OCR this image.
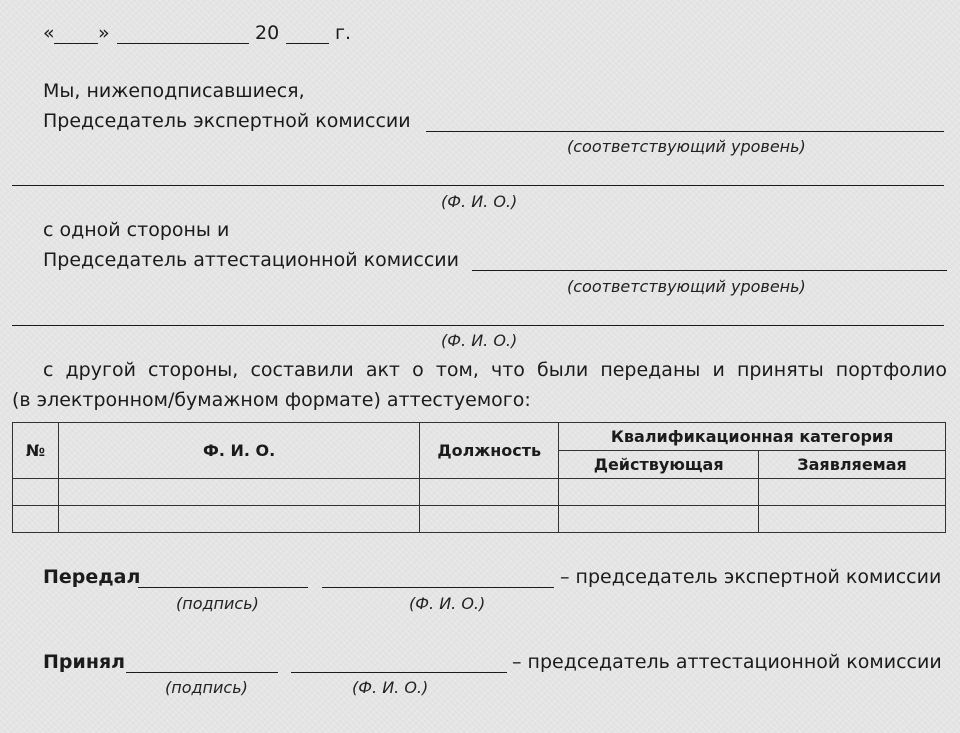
« »	20	г.
Мы, нижеподписавшиеся,
Председатель экспертной комиссии
(соответствующий уровень)
(Ф. И. О.)
с одной стороны и
Председатель аттестационной комиссии
(соответствующий уровень)
(Ф. И. О.)
с другой стороны, составили акт о том, что были переданы и приняты портфолио
(в электронном/бумажном формате) аттестуемого:
№	Ф. И. О.	Должность	Квалификационная категория	
			Действующая	Заявляемая

Передал	– председатель экспертной комиссии
(подпись)	(Ф. И. О.)
Принял	– председатель аттестационной комиссии
(подпись)	(Ф. И. О.)
